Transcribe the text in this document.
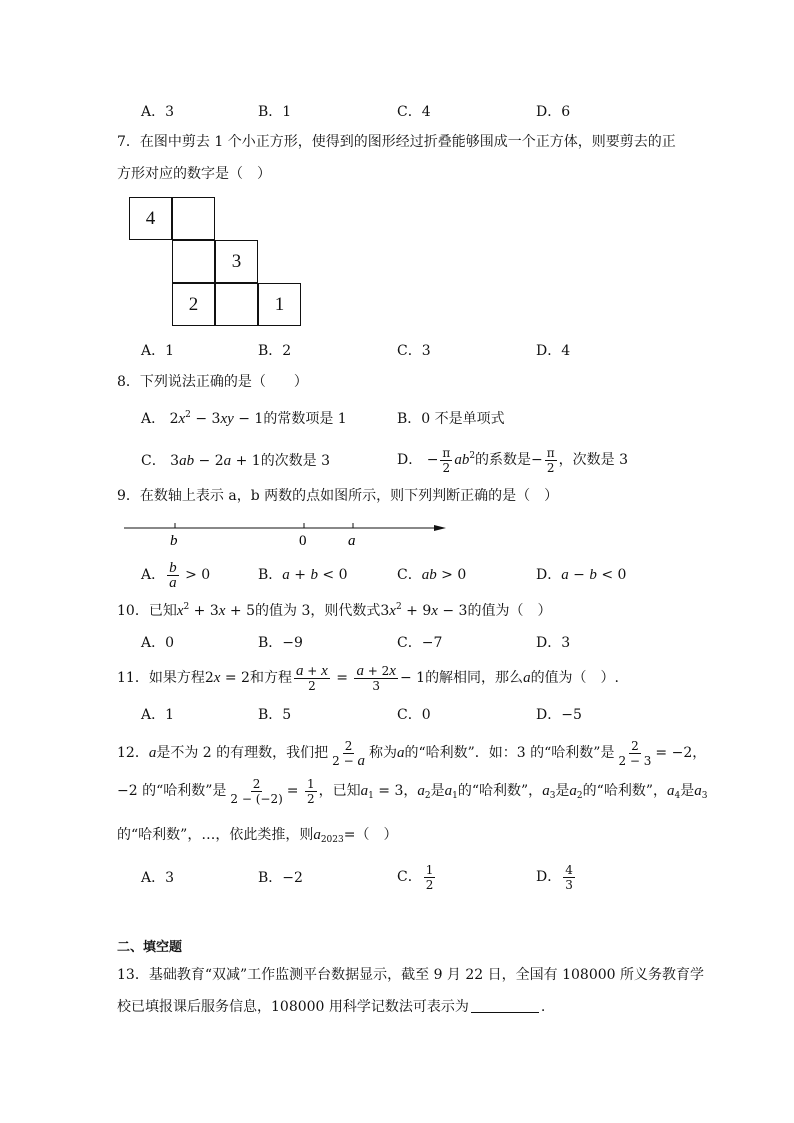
A．3	B．1	C．4	D．6
7．在图中剪去 1 个小正方形，使得到的图形经过折叠能够围成一个正方体，则要剪去的正
方形对应的数字是（　）
4
3
2	1
A．1	B．2	C．3	D．4
8．下列说法正确的是（　　）
A． $2x^2 - 3xy - 1$的常数项是 1	B．0 不是单项式
C． 3ab − 2a + 1的次数是 3	D． − $\frac{\pi}{2} ab^2$的系数是− $\frac{\pi}{2}$ ，次数是 3
9．在数轴上表示 a，b 两数的点如图所示，则下列判断正确的是（　）
b	0	a
A． $\frac{b}{a} > 0$	B．a + b < 0	C．ab > 0	D．a − b < 0
10．已知$x^2 + 3x + 5$的值为 3，则代数式$3x^2 + 9x - 3$的值为（　）
A．0	B．−9	C．−7	D．3
11．如果方程2x = 2和方程 $\frac{a + x}{2} = \frac{a + 2x}{3} - 1$的解相同，那么a的值为（　）.
A．1	B．5	C．0	D．−5
12．a是不为 2 的有理数，我们把 $\frac{2}{2 - a}$ 称为a的“哈利数”．如：3 的“哈利数”是 $\frac{2}{2 - 3} = -2$，
−2 的“哈利数”是 $\frac{2}{2 - (-2)} = \frac{1}{2}$ ，已知$a_1 = 3$，$a_2$是$a_1$的“哈利数”，$a_3$是$a_2$的“哈利数”，$a_4$是$a_3$
的“哈利数”，…，依此类推，则$a_{2023}=$（　）
A．3	B．−2	C． $\frac{1}{2}$	D． $\frac{4}{3}$
二、填空题
13．基础教育“双减”工作监测平台数据显示，截至 9 月 22 日，全国有 108000 所义务教育学
校已填报课后服务信息，108000 用科学记数法可表示为	.
